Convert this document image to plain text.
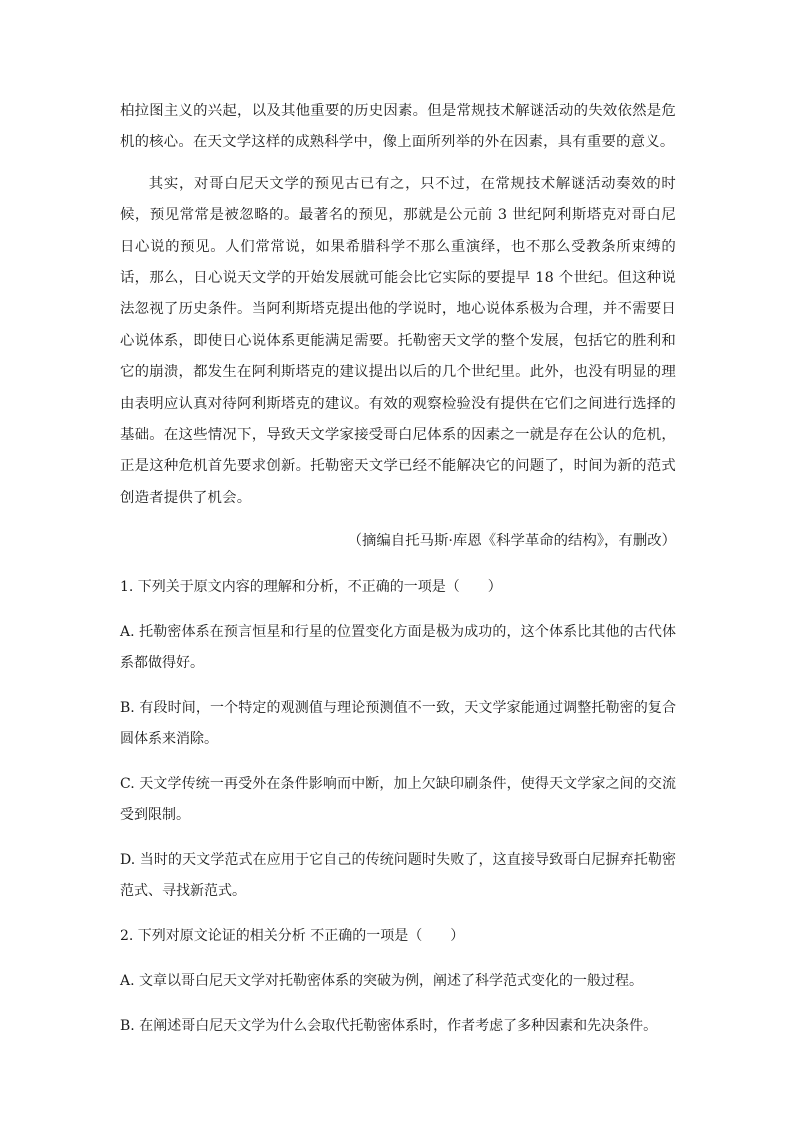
柏拉图主义的兴起，以及其他重要的历史因素。但是常规技术解谜活动的失效依然是危机的核心。在天文学这样的成熟科学中，像上面所列举的外在因素，具有重要的意义。

其实，对哥白尼天文学的预见古已有之，只不过，在常规技术解谜活动奏效的时候，预见常常是被忽略的。最著名的预见，那就是公元前 3 世纪阿利斯塔克对哥白尼日心说的预见。人们常常说，如果希腊科学不那么重演绎，也不那么受教条所束缚的话，那么，日心说天文学的开始发展就可能会比它实际的要提早 18 个世纪。但这种说法忽视了历史条件。当阿利斯塔克提出他的学说时，地心说体系极为合理，并不需要日心说体系，即使日心说体系更能满足需要。托勒密天文学的整个发展，包括它的胜利和它的崩溃，都发生在阿利斯塔克的建议提出以后的几个世纪里。此外，也没有明显的理由表明应认真对待阿利斯塔克的建议。有效的观察检验没有提供在它们之间进行选择的基础。在这些情况下，导致天文学家接受哥白尼体系的因素之一就是存在公认的危机，正是这种危机首先要求创新。托勒密天文学已经不能解决它的问题了，时间为新的范式创造者提供了机会。

（摘编自托马斯·库恩《科学革命的结构》，有删改）

1. 下列关于原文内容的理解和分析，不正确的一项是（　　）

A. 托勒密体系在预言恒星和行星的位置变化方面是极为成功的，这个体系比其他的古代体系都做得好。

B. 有段时间，一个特定的观测值与理论预测值不一致，天文学家能通过调整托勒密的复合圆体系来消除。

C. 天文学传统一再受外在条件影响而中断，加上欠缺印刷条件，使得天文学家之间的交流受到限制。

D. 当时的天文学范式在应用于它自己的传统问题时失败了，这直接导致哥白尼摒弃托勒密范式、寻找新范式。

2. 下列对原文论证的相关分析 不正确的一项是（　　）

A. 文章以哥白尼天文学对托勒密体系的突破为例，阐述了科学范式变化的一般过程。

B. 在阐述哥白尼天文学为什么会取代托勒密体系时，作者考虑了多种因素和先决条件。
